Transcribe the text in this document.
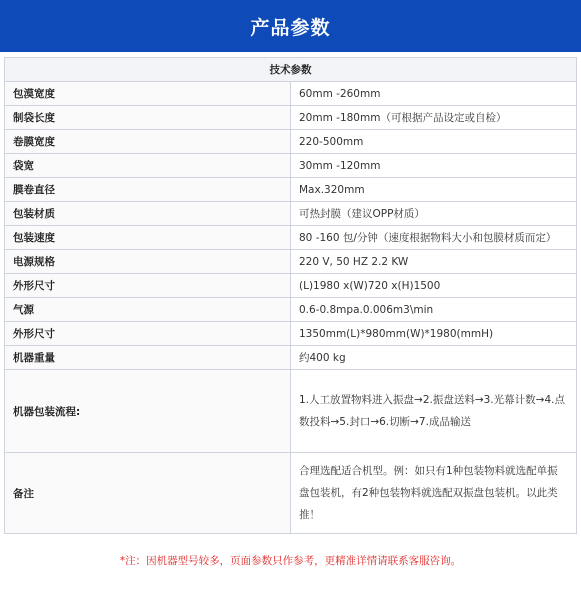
产品参数
技术参数	
包漠宽度	60mm -260mm
制袋长度	20mm -180mm（可根据产品设定或自检）
卷膜宽度	220-500mm
袋宽	30mm -120mm
膜卷直径	Max.320mm
包装材质	可热封膜（建议OPP材质）
包装速度	80 -160 包/分钟（速度根据物料大小和包膜材质而定）
电源规格	220 V, 50 HZ 2.2 KW
外形尺寸	(L)1980 x(W)720 x(H)1500
气源	0.6-0.8mpa.0.006m3\min
外形尺寸	1350mm(L)*980mm(W)*1980(mmH)
机器重量	约400 kg
机器包装流程:	1.人工放置物料进入振盘→2.振盘送料→3.光幕计数→4.点数投料→5.封口→6.切断→7.成品输送
备注	合理选配适合机型。例：如只有1种包装物料就选配单振盘包装机，有2种包装物料就选配双振盘包装机。以此类推！
*注：因机器型号较多，页面参数只作参考，更精准详情请联系客服咨询。
